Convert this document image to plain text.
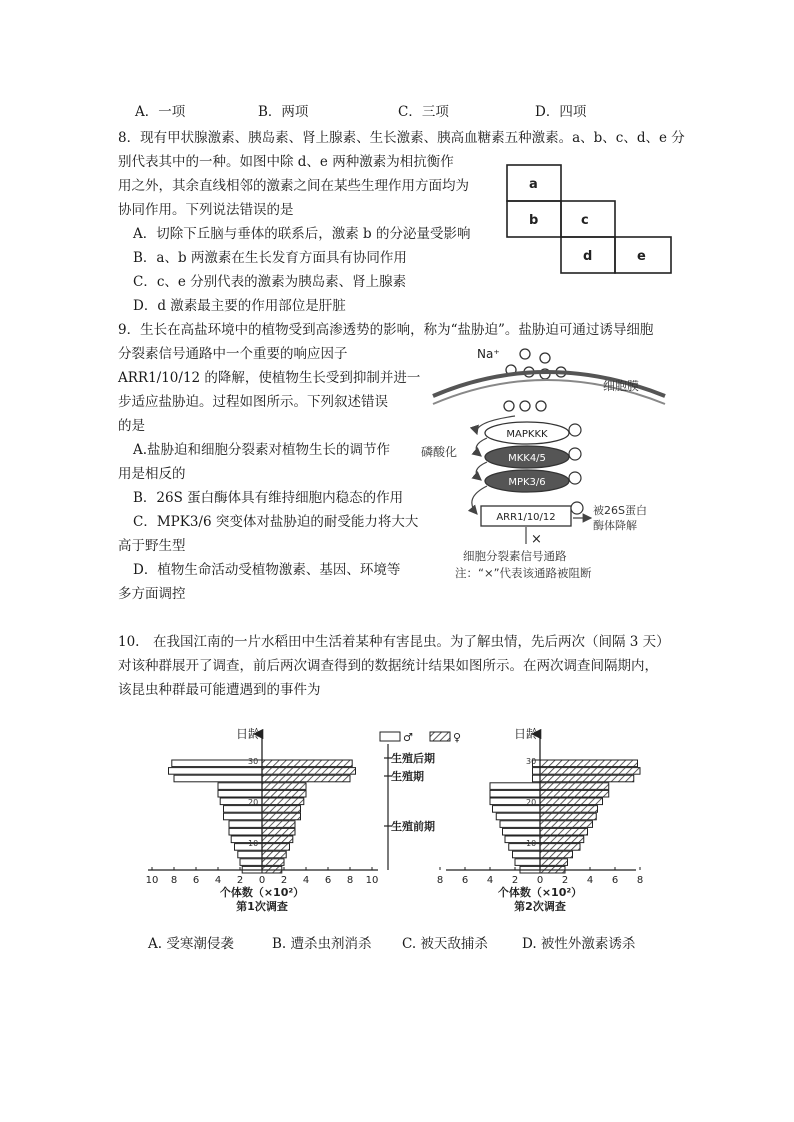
A．一项	B．两项	C．三项	D．四项
8．现有甲状腺激素、胰岛素、肾上腺素、生长激素、胰高血糖素五种激素。a、b、c、d、e 分
别代表其中的一种。如图中除 d、e 两种激素为相抗衡作
用之外，其余直线相邻的激素之间在某些生理作用方面均为
协同作用。下列说法错误的是
A．切除下丘脑与垂体的联系后，激素 b 的分泌量受影响
B．a、b 两激素在生长发育方面具有协同作用
C．c、e 分别代表的激素为胰岛素、肾上腺素
D．d 激素最主要的作用部位是肝脏
a
b	c
d	e
9．生长在高盐环境中的植物受到高渗透势的影响，称为“盐胁迫”。盐胁迫可通过诱导细胞
分裂素信号通路中一个重要的响应因子
ARR1/10/12 的降解，使植物生长受到抑制并进一
步适应盐胁迫。过程如图所示。下列叙述错误
的是
A.盐胁迫和细胞分裂素对植物生长的调节作
用是相反的
B．26S 蛋白酶体具有维持细胞内稳态的作用
C．MPK3/6 突变体对盐胁迫的耐受能力将大大
高于野生型
D．植物生命活动受植物激素、基因、环境等
多方面调控
Na⁺
细胞膜
磷酸化
MAPKKK
MKK4/5
MPK3/6
ARR1/10/12
被26S蛋白
酶体降解
×
细胞分裂素信号通路
注：“×”代表该通路被阻断
10.　在我国江南的一片水稻田中生活着某种有害昆虫。为了解虫情，先后两次（间隔 3 天）
对该种群展开了调查，前后两次调查得到的数据统计结果如图所示。在两次调查间隔期内，
该昆虫种群最可能遭遇到的事件为
日龄
30
20
10
10 8 6 4 2 0 2 4 6 8 10
个体数（×10²）
第1次调查
日龄
30
20
10
8 6 4 2 0 2 4 6 8
个体数（×10²）
第2次调查
生殖后期
生殖期
生殖前期
♂	♀
A. 受寒潮侵袭	B. 遭杀虫剂消杀 C. 被天敌捕杀	D. 被性外激素诱杀
